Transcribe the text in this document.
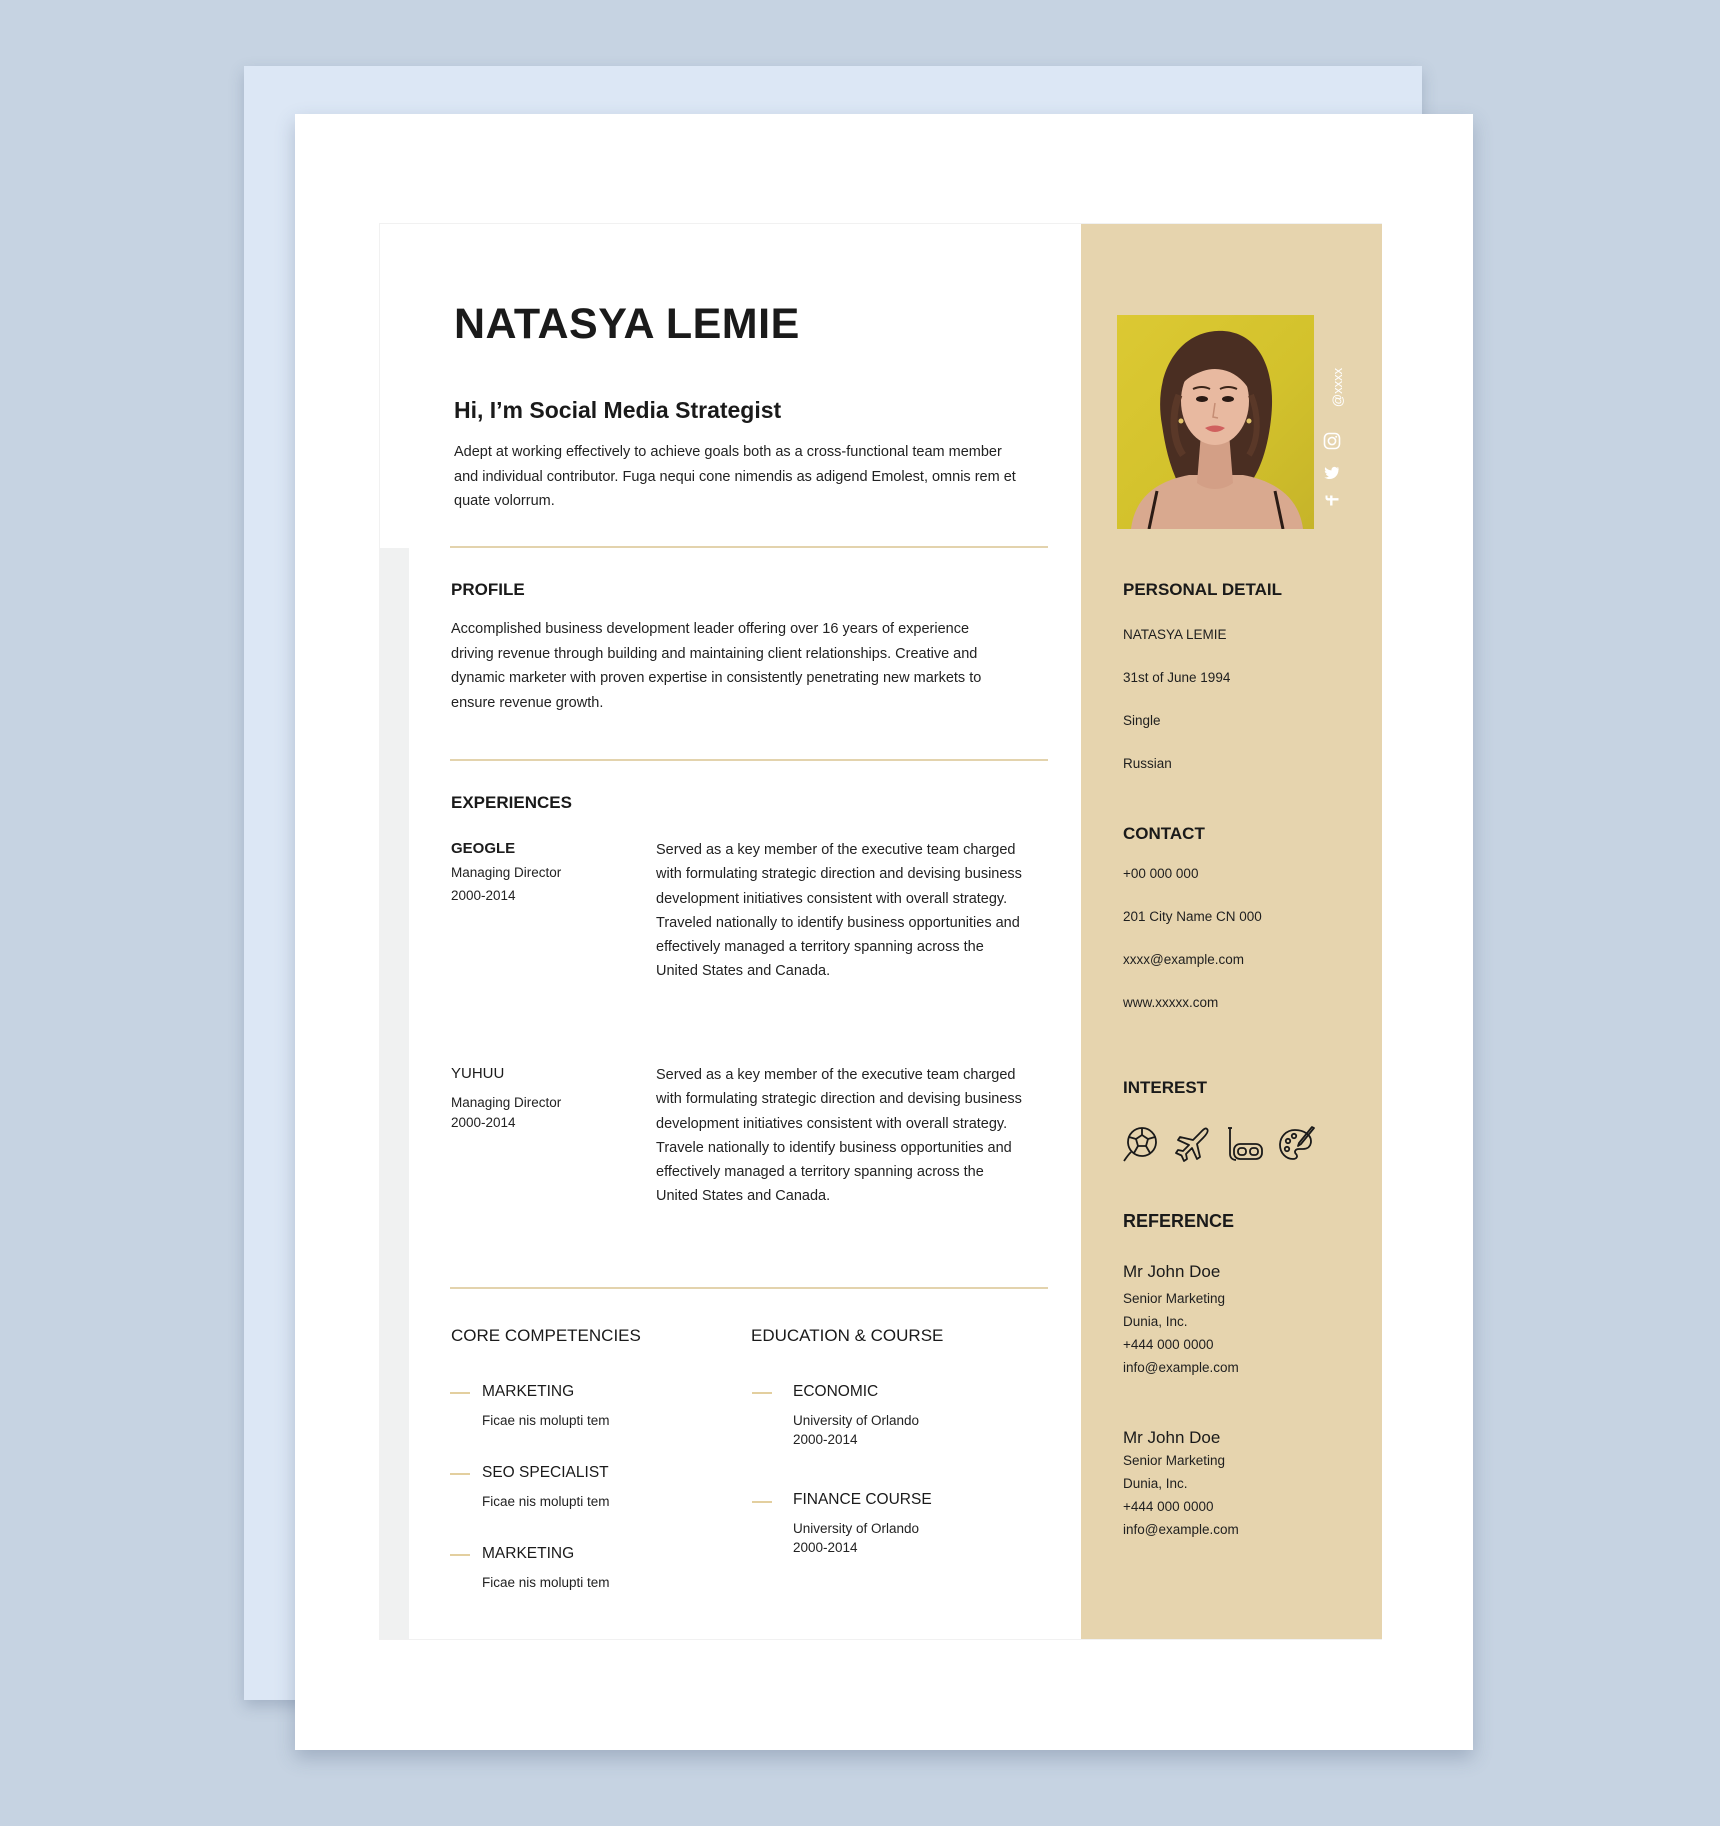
NATASYA LEMIE
Hi, I’m Social Media Strategist
Adept at working effectively to achieve goals both as a cross-functional team member and individual contributor. Fuga nequi cone nimendis as adigend Emolest, omnis rem et quate volorrum.
PROFILE
Accomplished business development leader offering over 16 years of experience driving revenue through building and maintaining client relationships. Creative and dynamic marketer with proven expertise in consistently penetrating new markets to ensure revenue growth.
EXPERIENCES
GEOGLE
Managing Director
2000-2014
Served as a key member of the executive team charged with formulating strategic direction and devising business development initiatives consistent with overall strategy. Traveled nationally to identify business opportunities and effectively managed a territory spanning across the United States and Canada.
YUHUU
Managing Director
2000-2014
Served as a key member of the executive team charged with formulating strategic direction and devising business development initiatives consistent with overall strategy. Travele nationally to identify business opportunities and effectively managed a territory spanning across the United States and Canada.
CORE COMPETENCIES
MARKETING
Ficae nis molupti tem
SEO SPECIALIST
Ficae nis molupti tem
MARKETING
Ficae nis molupti tem
EDUCATION & COURSE
ECONOMIC
University of Orlando
2000-2014
FINANCE COURSE
University of Orlando
2000-2014
@xxxx
PERSONAL DETAIL
NATASYA LEMIE
31st of June 1994
Single
Russian
CONTACT
+00 000 000
201 City Name CN 000
xxxx@example.com
www.xxxxx.com
INTEREST
REFERENCE
Mr John Doe
Senior Marketing
Dunia, Inc.
+444 000 0000
info@example.com
Mr John Doe
Senior Marketing
Dunia, Inc.
+444 000 0000
info@example.com
